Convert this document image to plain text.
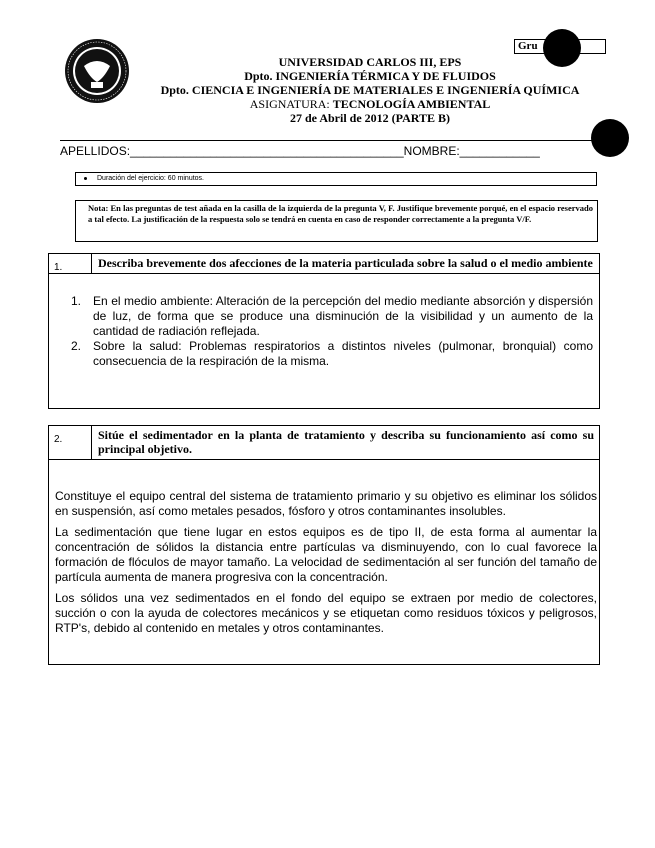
Gru
UNIVERSIDAD CARLOS III, EPS
Dpto. INGENIERÍA TÉRMICA Y DE FLUIDOS
Dpto. CIENCIA E INGENIERÍA DE MATERIALES E INGENIERÍA QUÍMICA
ASIGNATURA: TECNOLOGÍA AMBIENTAL
27 de Abril de 2012 (PARTE B)
APELLIDOS:_________________________________________NOMBRE:____________
Duración del ejercicio: 60 minutos.
Nota: En las preguntas de test añada en la casilla de la izquierda de la pregunta V, F. Justifique brevemente porqué, en el espacio reservado a tal efecto. La justificación de la respuesta solo se tendrá en cuenta en caso de responder correctamente a la pregunta V/F.
1.	Describa brevemente dos afecciones de la materia particulada sobre la salud o el medio ambiente
1. En el medio ambiente: Alteración de la percepción del medio mediante absorción y dispersión de luz, de forma que se produce una disminución de la visibilidad y un aumento de la cantidad de radiación reflejada.
2. Sobre la salud: Problemas respiratorios a distintos niveles (pulmonar, bronquial) como consecuencia de la respiración de la misma.
2.	Sitúe el sedimentador en la planta de tratamiento y describa su funcionamiento así como su principal objetivo.

Constituye el equipo central del sistema de tratamiento primario y su objetivo es eliminar los sólidos en suspensión, así como metales pesados, fósforo y otros contaminantes insolubles.

La sedimentación que tiene lugar en estos equipos es de tipo II, de esta forma al aumentar la concentración de sólidos la distancia entre partículas va disminuyendo, con lo cual favorece la formación de flóculos de mayor tamaño. La velocidad de sedimentación al ser función del tamaño de partícula aumenta de manera progresiva con la concentración.

Los sólidos una vez sedimentados en el fondo del equipo se extraen por medio de colectores, succión o con la ayuda de colectores mecánicos y se etiquetan como residuos tóxicos y peligrosos, RTP's, debido al contenido en metales y otros contaminantes.
